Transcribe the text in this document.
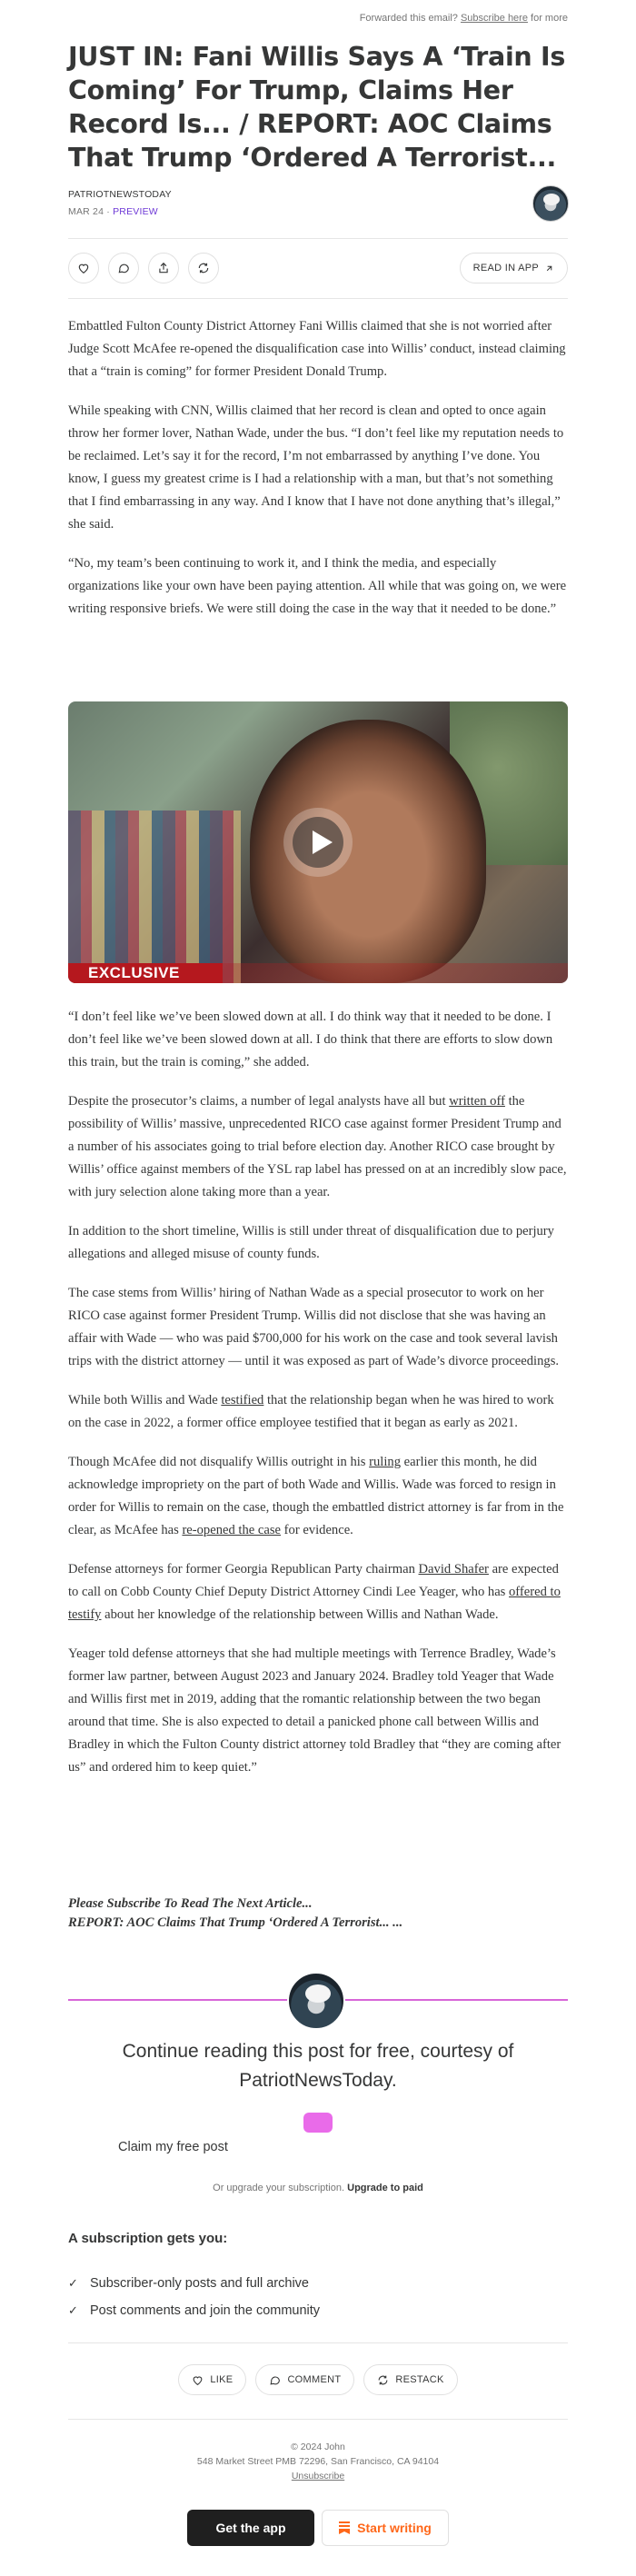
Forwarded this email? Subscribe here for more
JUST IN: Fani Willis Says A ‘Train Is Coming’ For Trump, Claims Her Record Is... / REPORT: AOC Claims That Trump ‘Ordered A Terrorist...
PATRIOTNEWSTODAY
MAR 24 · PREVIEW
READ IN APP

Embattled Fulton County District Attorney Fani Willis claimed that she is not worried after Judge Scott McAfee re-opened the disqualification case into Willis’ conduct, instead claiming that a “train is coming” for former President Donald Trump.

While speaking with CNN, Willis claimed that her record is clean and opted to once again throw her former lover, Nathan Wade, under the bus. “I don’t feel like my reputation needs to be reclaimed. Let’s say it for the record, I’m not embarrassed by anything I’ve done. You know, I guess my greatest crime is I had a relationship with a man, but that’s not something that I find embarrassing in any way. And I know that I have not done anything that’s illegal,” she said.

“No, my team’s been continuing to work it, and I think the media, and especially organizations like your own have been paying attention. All while that was going on, we were writing responsive briefs. We were still doing the case in the way that it needed to be done.”

EXCLUSIVE

“I don’t feel like we’ve been slowed down at all. I do think way that it needed to be done. I don’t feel like we’ve been slowed down at all. I do think that there are efforts to slow down this train, but the train is coming,” she added.

Despite the prosecutor’s claims, a number of legal analysts have all but written off the possibility of Willis’ massive, unprecedented RICO case against former President Trump and a number of his associates going to trial before election day. Another RICO case brought by Willis’ office against members of the YSL rap label has pressed on at an incredibly slow pace, with jury selection alone taking more than a year.

In addition to the short timeline, Willis is still under threat of disqualification due to perjury allegations and alleged misuse of county funds.

The case stems from Willis’ hiring of Nathan Wade as a special prosecutor to work on her RICO case against former President Trump. Willis did not disclose that she was having an affair with Wade — who was paid $700,000 for his work on the case and took several lavish trips with the district attorney — until it was exposed as part of Wade’s divorce proceedings.

While both Willis and Wade testified that the relationship began when he was hired to work on the case in 2022, a former office employee testified that it began as early as 2021.

Though McAfee did not disqualify Willis outright in his ruling earlier this month, he did acknowledge impropriety on the part of both Wade and Willis. Wade was forced to resign in order for Willis to remain on the case, though the embattled district attorney is far from in the clear, as McAfee has re-opened the case for evidence.

Defense attorneys for former Georgia Republican Party chairman David Shafer are expected to call on Cobb County Chief Deputy District Attorney Cindi Lee Yeager, who has offered to testify about her knowledge of the relationship between Willis and Nathan Wade.

Yeager told defense attorneys that she had multiple meetings with Terrence Bradley, Wade’s former law partner, between August 2023 and January 2024. Bradley told Yeager that Wade and Willis first met in 2019, adding that the romantic relationship between the two began around that time. She is also expected to detail a panicked phone call between Willis and Bradley in which the Fulton County district attorney told Bradley that “they are coming after us” and ordered him to keep quiet.”

Please Subscribe To Read The Next Article...
REPORT: AOC Claims That Trump ‘Ordered A Terrorist... ...
Continue reading this post for free, courtesy of PatriotNewsToday.
Claim my free post
Or upgrade your subscription. Upgrade to paid
A subscription gets you:
✓ Subscriber-only posts and full archive
✓ Post comments and join the community
LIKE	COMMENT	RESTACK
© 2024 John
548 Market Street PMB 72296, San Francisco, CA 94104
Unsubscribe
Get the app	Start writing
